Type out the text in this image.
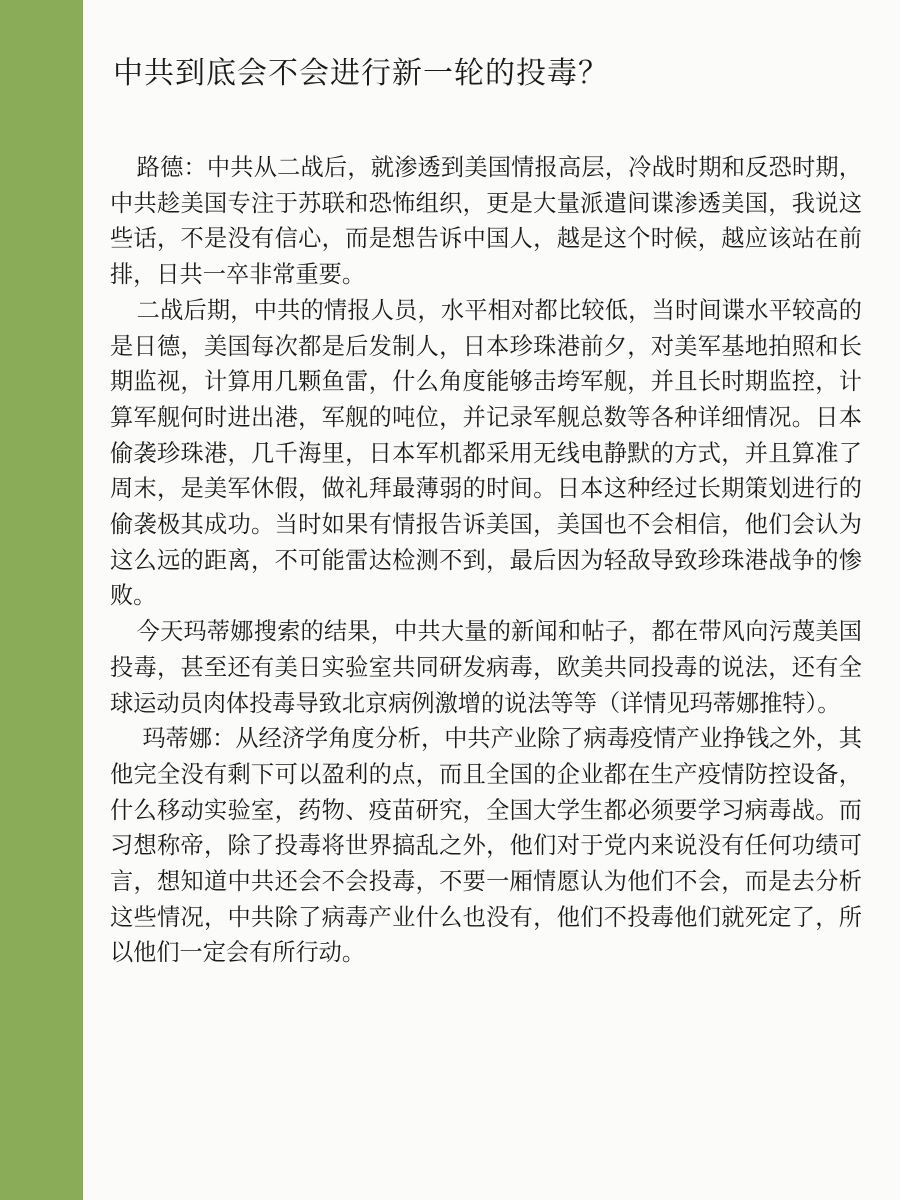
中共到底会不会进行新一轮的投毒？

路德：中共从二战后，就渗透到美国情报高层，冷战时期和反恐时期，中共趁美国专注于苏联和恐怖组织，更是大量派遣间谍渗透美国，我说这些话，不是没有信心，而是想告诉中国人，越是这个时候，越应该站在前排，日共一卒非常重要。

二战后期，中共的情报人员，水平相对都比较低，当时间谍水平较高的是日德，美国每次都是后发制人，日本珍珠港前夕，对美军基地拍照和长期监视，计算用几颗鱼雷，什么角度能够击垮军舰，并且长时期监控，计算军舰何时进出港，军舰的吨位，并记录军舰总数等各种详细情况。日本偷袭珍珠港，几千海里，日本军机都采用无线电静默的方式，并且算准了周末，是美军休假，做礼拜最薄弱的时间。日本这种经过长期策划进行的偷袭极其成功。当时如果有情报告诉美国，美国也不会相信，他们会认为这么远的距离，不可能雷达检测不到，最后因为轻敌导致珍珠港战争的惨败。

今天玛蒂娜搜索的结果，中共大量的新闻和帖子，都在带风向污蔑美国投毒，甚至还有美日实验室共同研发病毒，欧美共同投毒的说法，还有全球运动员肉体投毒导致北京病例激增的说法等等（详情见玛蒂娜推特）。

玛蒂娜：从经济学角度分析，中共产业除了病毒疫情产业挣钱之外，其他完全没有剩下可以盈利的点，而且全国的企业都在生产疫情防控设备，什么移动实验室，药物、疫苗研究，全国大学生都必须要学习病毒战。而习想称帝，除了投毒将世界搞乱之外，他们对于党内来说没有任何功绩可言，想知道中共还会不会投毒，不要一厢情愿认为他们不会，而是去分析这些情况，中共除了病毒产业什么也没有，他们不投毒他们就死定了，所以他们一定会有所行动。
